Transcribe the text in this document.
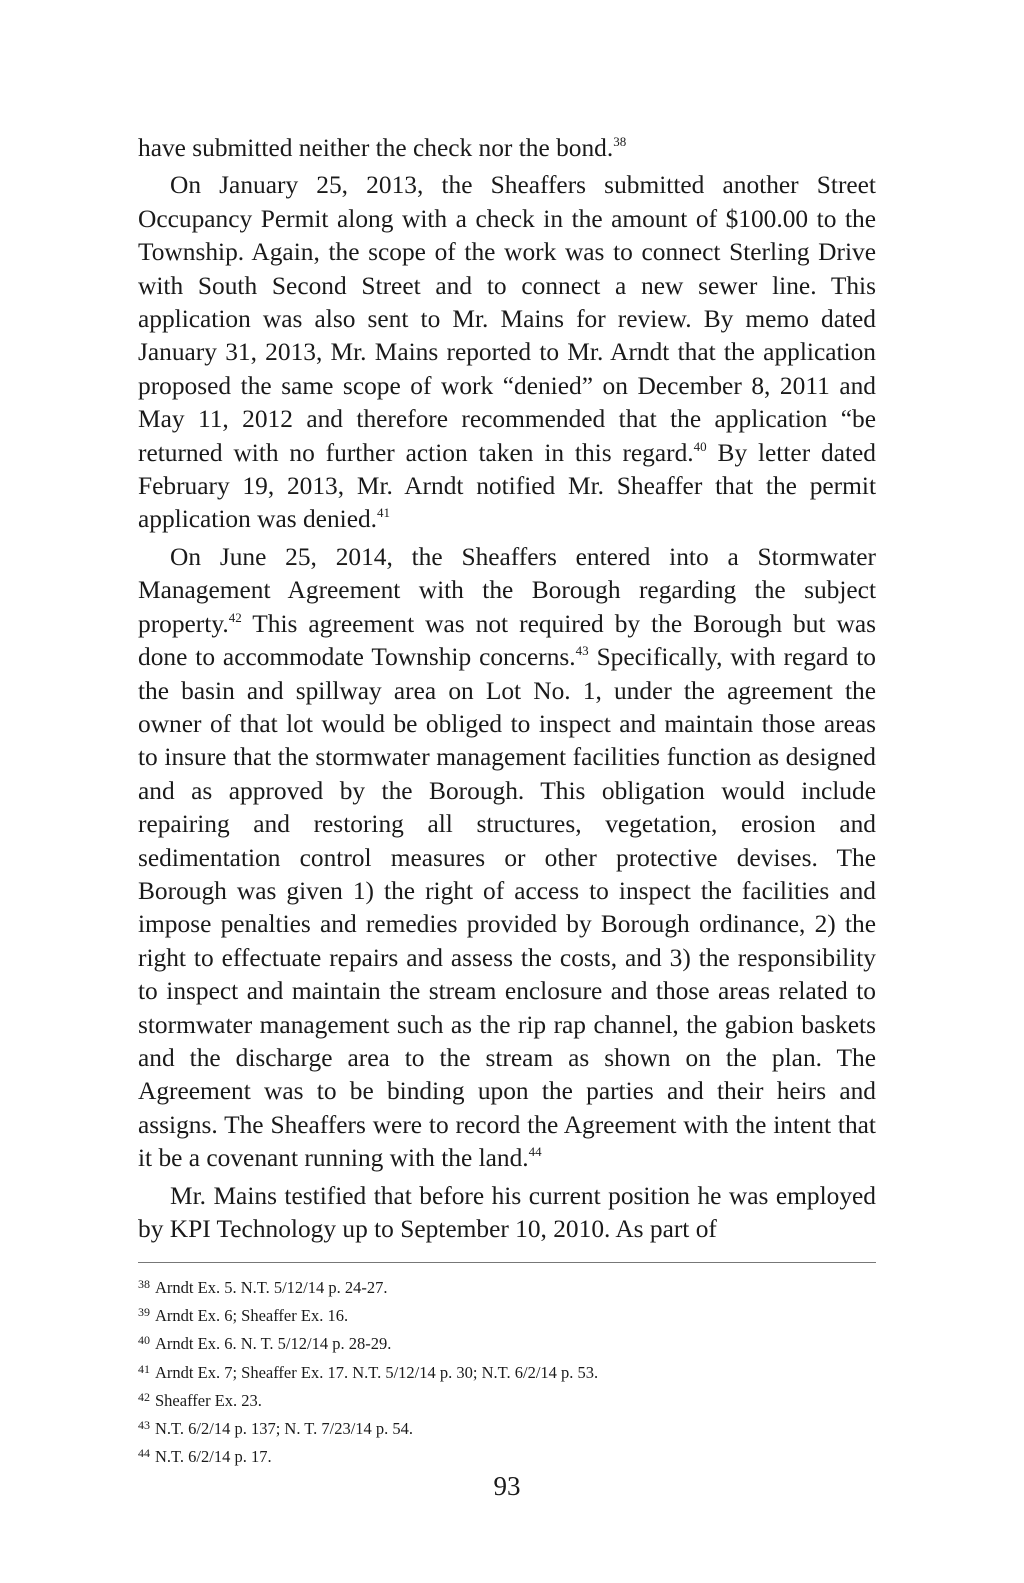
have submitted neither the check nor the bond.$^{38}$

On January 25, 2013, the Sheaffers submitted another Street Occupancy Permit along with a check in the amount of $100.00 to the Township. Again, the scope of the work was to connect Sterling Drive with South Second Street and to connect a new sewer line. This application was also sent to Mr. Mains for review. By memo dated January 31, 2013, Mr. Mains reported to Mr. Arndt that the application proposed the same scope of work “denied” on December 8, 2011 and May 11, 2012 and therefore recommended that the application “be returned with no further action taken in this regard.$^{40}$ By letter dated February 19, 2013, Mr. Arndt notified Mr. Sheaffer that the permit application was denied.$^{41}$

On June 25, 2014, the Sheaffers entered into a Stormwater Management Agreement with the Borough regarding the subject property.$^{42}$ This agreement was not required by the Borough but was done to accommodate Township concerns.$^{43}$ Specifically, with regard to the basin and spillway area on Lot No. 1, under the agreement the owner of that lot would be obliged to inspect and maintain those areas to insure that the stormwater management facilities function as designed and as approved by the Borough. This obligation would include repairing and restoring all structures, vegetation, erosion and sedimentation control measures or other protective devises. The Borough was given 1) the right of access to inspect the facilities and impose penalties and remedies provided by Borough ordinance, 2) the right to effectuate repairs and assess the costs, and 3) the responsibility to inspect and maintain the stream enclosure and those areas related to stormwater management such as the rip rap channel, the gabion baskets and the discharge area to the stream as shown on the plan. The Agreement was to be binding upon the parties and their heirs and assigns. The Sheaffers were to record the Agreement with the intent that it be a covenant running with the land.$^{44}$

Mr. Mains testified that before his current position he was employed by KPI Technology up to September 10, 2010. As part of

$^{38}$ Arndt Ex. 5. N.T. 5/12/14 p. 24-27.
$^{39}$ Arndt Ex. 6; Sheaffer Ex. 16.
$^{40}$ Arndt Ex. 6. N. T. 5/12/14 p. 28-29.
$^{41}$ Arndt Ex. 7; Sheaffer Ex. 17. N.T. 5/12/14 p. 30; N.T. 6/2/14 p. 53.
$^{42}$ Sheaffer Ex. 23.
$^{43}$ N.T. 6/2/14 p. 137; N. T. 7/23/14 p. 54.
$^{44}$ N.T. 6/2/14 p. 17.
93
